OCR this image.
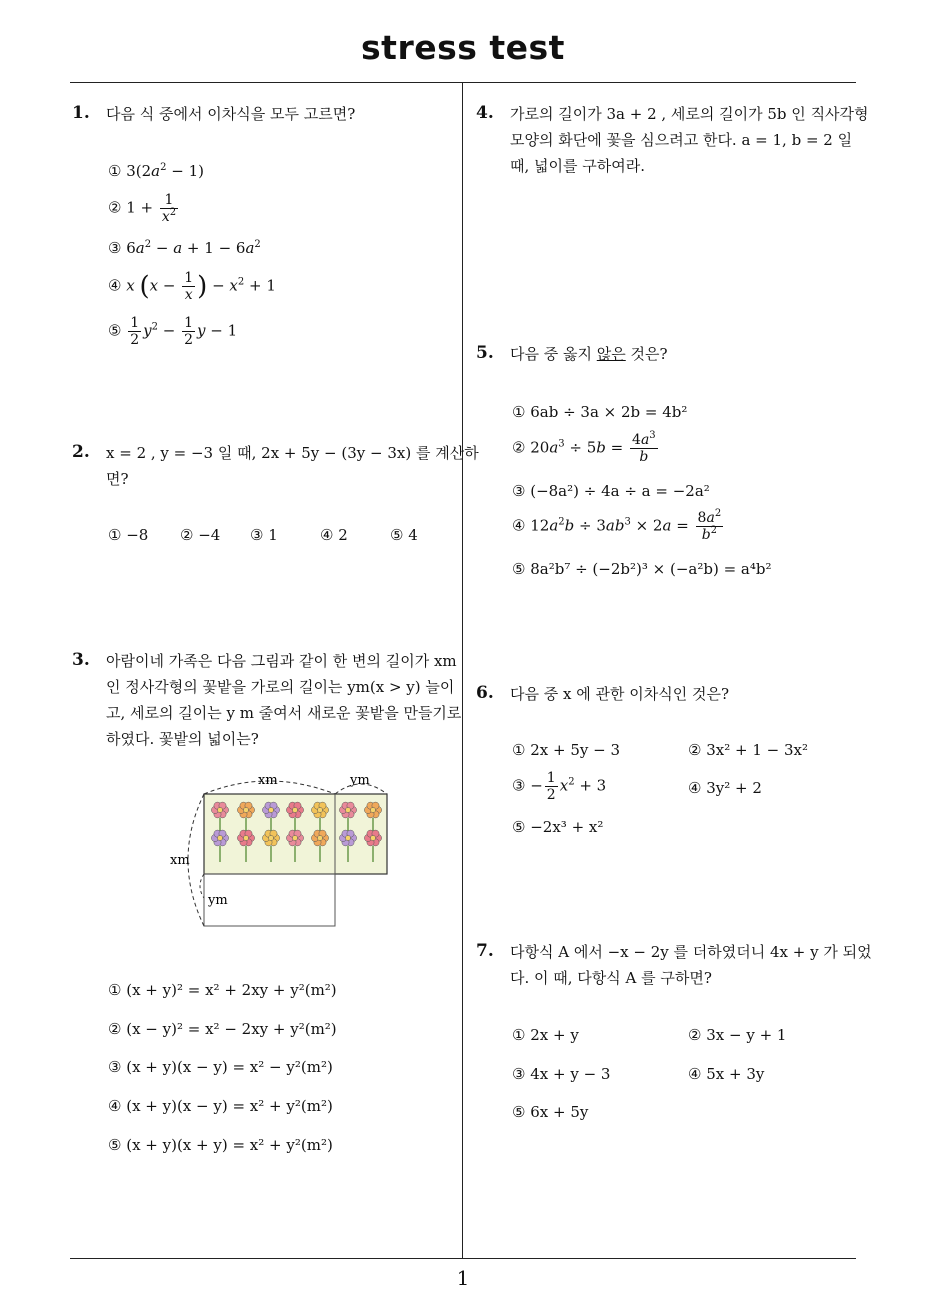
stress test
1
1. 다음 식 중에서 이차식을 모두 고르면?
① $3(2a^2 - 1)$
② $1 + \frac{1}{x^2}$
③ $6a^2 - a + 1 - 6a^2$
④ x ($x - \frac{1}{x}$ ) − $x^2 + 1$
⑤ $\frac{1}{2} y^2 - \frac{1}{2}$ y − 1
2. x = 2 , y = −3 일 때, 2x + 5y − (3y − 3x) 를 계산하
면?
① −8 ② −4 ③ 1	④ 2	⑤ 4
3. 아람이네 가족은 다음 그림과 같이 한 변의 길이가 xm
인 정사각형의 꽃밭을 가로의 길이는 ym(x > y) 늘이
고, 세로의 길이는 y m 줄여서 새로운 꽃밭을 만들기로
하였다. 꽃밭의 넓이는?
xm	ym
xm
ym
① (x + y)² = x² + 2xy + y²(m²)
② (x − y)² = x² − 2xy + y²(m²)
③ (x + y)(x − y) = x² − y²(m²)
④ (x + y)(x − y) = x² + y²(m²)
⑤ (x + y)(x + y) = x² + y²(m²)
4. 가로의 길이가 3a + 2 , 세로의 길이가 5b 인 직사각형
모양의 화단에 꽃을 심으려고 한다. a = 1, b = 2 일
때, 넓이를 구하여라.
5. 다음 중 옳지 않은 것은?
① 6ab ÷ 3a × 2b = 4b²
② $20a^3 \div 5b = \frac{4a^3}{b}$
③ (−8a²) ÷ 4a ÷ a = −2a²
④ $12a^2b \div 3ab^3 \times 2a = \frac{8a^2}{b^2}$
⑤ 8a²b⁷ ÷ (−2b²)³ × (−a²b) = a⁴b²
6. 다음 중 x 에 관한 이차식인 것은?
① 2x + 5y − 3	② 3x² + 1 − 3x²
③ − $\frac{1}{2} x^2 + 3$	④ 3y² + 2
⑤ −2x³ + x²
7. 다항식 A 에서 −x − 2y 를 더하였더니 4x + y 가 되었
다. 이 때, 다항식 A 를 구하면?
① 2x + y	② 3x − y + 1
③ 4x + y − 3	④ 5x + 3y
⑤ 6x + 5y
